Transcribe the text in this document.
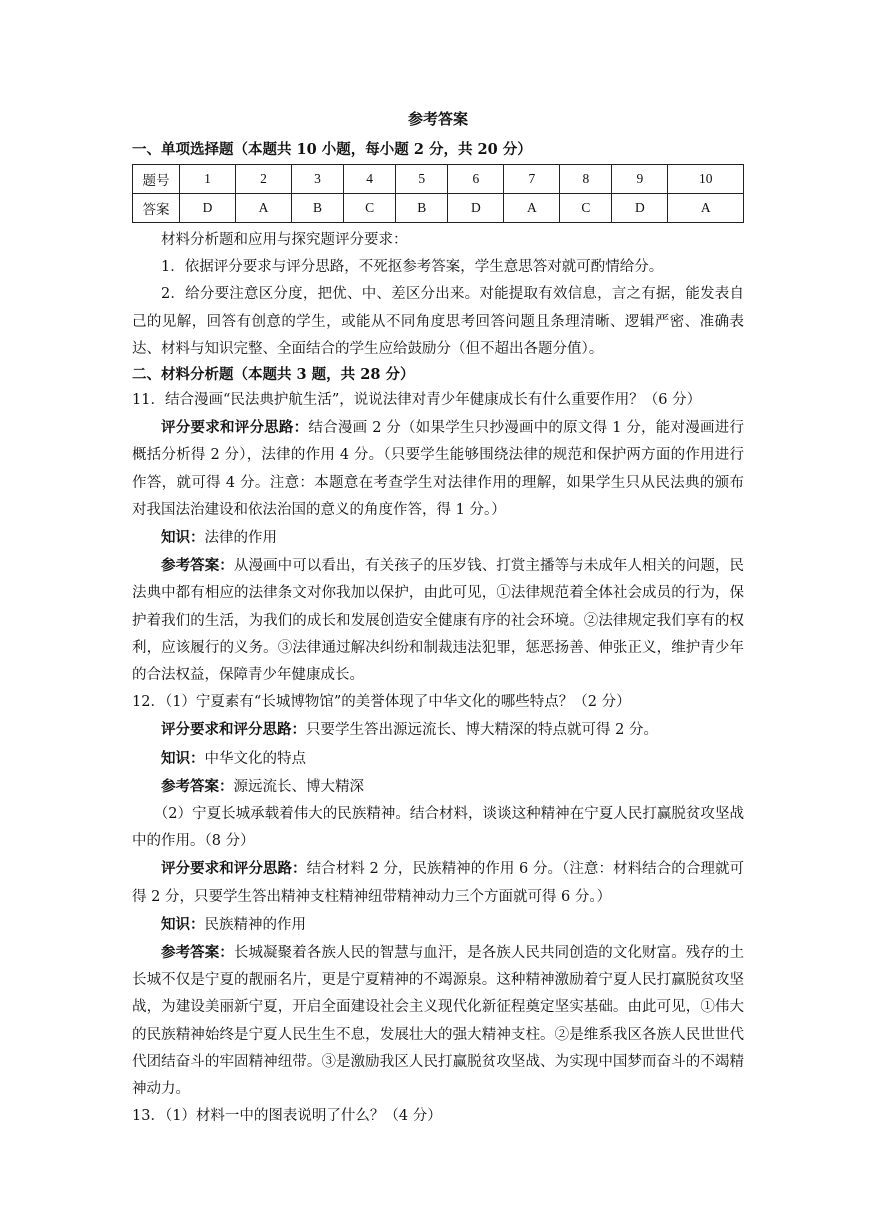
参考答案
一、单项选择题（本题共 10 小题，每小题 2 分，共 20 分）
题号	1	2	3	4	5	6	7	8	9	10
答案	D	A	B	C	B	D	A	C	D	A

材料分析题和应用与探究题评分要求：

1．依据评分要求与评分思路，不死抠参考答案，学生意思答对就可酌情给分。

2．给分要注意区分度，把优、中、差区分出来。对能提取有效信息，言之有据，能发表自己的见解，回答有创意的学生，或能从不同角度思考回答问题且条理清晰、逻辑严密、准确表达、材料与知识完整、全面结合的学生应给鼓励分（但不超出各题分值）。

二、材料分析题（本题共 3 题，共 28 分）

11．结合漫画“民法典护航生活”，说说法律对青少年健康成长有什么重要作用？（6 分）

评分要求和评分思路：结合漫画 2 分（如果学生只抄漫画中的原文得 1 分，能对漫画进行概括分析得 2 分），法律的作用 4 分。（只要学生能够围绕法律的规范和保护两方面的作用进行作答，就可得 4 分。注意：本题意在考查学生对法律作用的理解，如果学生只从民法典的颁布对我国法治建设和依法治国的意义的角度作答，得 1 分。）

知识：法律的作用

参考答案：从漫画中可以看出，有关孩子的压岁钱、打赏主播等与未成年人相关的问题，民法典中都有相应的法律条文对你我加以保护，由此可见，①法律规范着全体社会成员的行为，保护着我们的生活，为我们的成长和发展创造安全健康有序的社会环境。②法律规定我们享有的权利，应该履行的义务。③法律通过解决纠纷和制裁违法犯罪，惩恶扬善、伸张正义，维护青少年的合法权益，保障青少年健康成长。

12．（1）宁夏素有“长城博物馆”的美誉体现了中华文化的哪些特点？（2 分）

评分要求和评分思路：只要学生答出源远流长、博大精深的特点就可得 2 分。

知识：中华文化的特点

参考答案：源远流长、博大精深

（2）宁夏长城承载着伟大的民族精神。结合材料，谈谈这种精神在宁夏人民打赢脱贫攻坚战中的作用。（8 分）

评分要求和评分思路：结合材料 2 分，民族精神的作用 6 分。（注意：材料结合的合理就可得 2 分，只要学生答出精神支柱精神纽带精神动力三个方面就可得 6 分。）

知识：民族精神的作用

参考答案：长城凝聚着各族人民的智慧与血汗，是各族人民共同创造的文化财富。残存的土长城不仅是宁夏的靓丽名片，更是宁夏精神的不竭源泉。这种精神激励着宁夏人民打赢脱贫攻坚战，为建设美丽新宁夏，开启全面建设社会主义现代化新征程奠定坚实基础。由此可见，①伟大的民族精神始终是宁夏人民生生不息，发展壮大的强大精神支柱。②是维系我区各族人民世世代代团结奋斗的牢固精神纽带。③是激励我区人民打赢脱贫攻坚战、为实现中国梦而奋斗的不竭精神动力。

13．（1）材料一中的图表说明了什么？（4 分）
